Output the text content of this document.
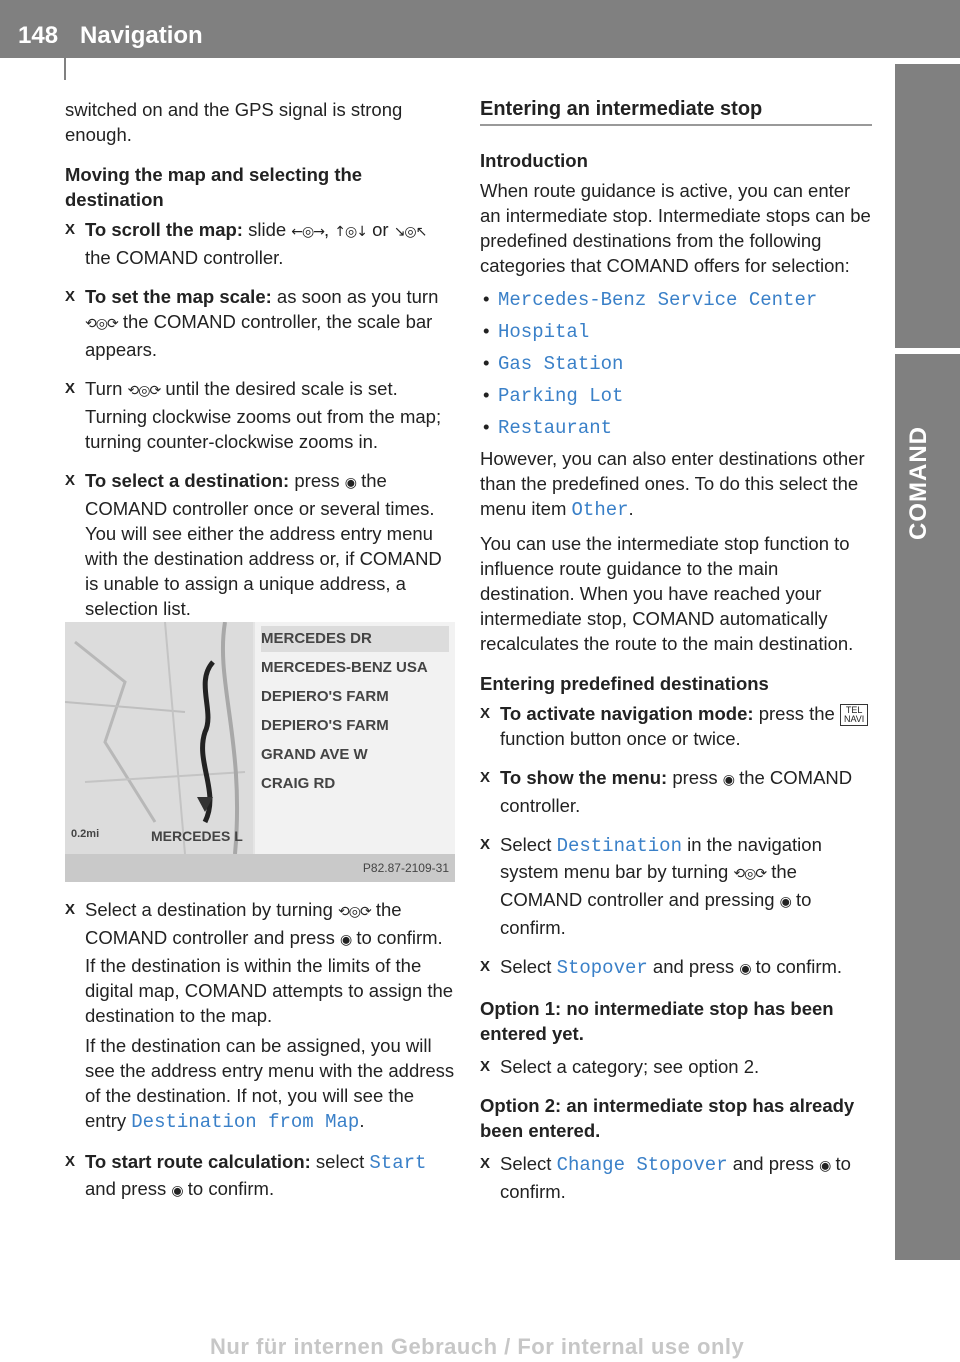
148 Navigation

switched on and the GPS signal is strong enough.

Moving the map and selecting the destination

X To scroll the map: slide ←◎→, ↑◎↓ or ↘◎↖ the COMAND controller.
X To set the map scale: as soon as you turn ⟲◎⟳ the COMAND controller, the scale bar appears.
X Turn ⟲◎⟳ until the desired scale is set.
Turning clockwise zooms out from the map; turning counter-clockwise zooms in.
X To select a destination: press ◉ the COMAND controller once or several times. You will see either the address entry menu with the destination address or, if COMAND is unable to assign a unique address, a selection list.
0.2mi	MERCEDES L
MERCEDES DR
MERCEDES-BENZ USA
DEPIERO'S FARM
DEPIERO'S FARM
GRAND AVE W
CRAIG RD
P82.87-2109-31
X Select a destination by turning ⟲◎⟳ the COMAND controller and press ◉ to confirm.
If the destination is within the limits of the digital map, COMAND attempts to assign the destination to the map.
If the destination can be assigned, you will see the address entry menu with the address of the destination. If not, you will see the entry Destination from Map.
X To start route calculation: select Start and press ◉ to confirm.
Entering an intermediate stop

Introduction

When route guidance is active, you can enter an intermediate stop. Intermediate stops can be predefined destinations from the following categories that COMAND offers for selection:

• Mercedes-Benz Service Center
• Hospital
• Gas Station
• Parking Lot
• Restaurant

However, you can also enter destinations other than the predefined ones. To do this select the menu item Other.

You can use the intermediate stop function to influence route guidance to the main destination. When you have reached your intermediate stop, COMAND automatically recalculates the route to the main destination.

Entering predefined destinations

X To activate navigation mode: press the TEL
NAVI function button once or twice.
X To show the menu: press ◉ the COMAND controller.
X Select Destination in the navigation system menu bar by turning ⟲◎⟳ the COMAND controller and pressing ◉ to confirm.
X Select Stopover and press ◉ to confirm.

Option 1: no intermediate stop has been entered yet.

X Select a category; see option 2.

Option 2: an intermediate stop has already been entered.

X Select Change Stopover and press ◉ to confirm.
Nur für internen Gebrauch / For internal use only
